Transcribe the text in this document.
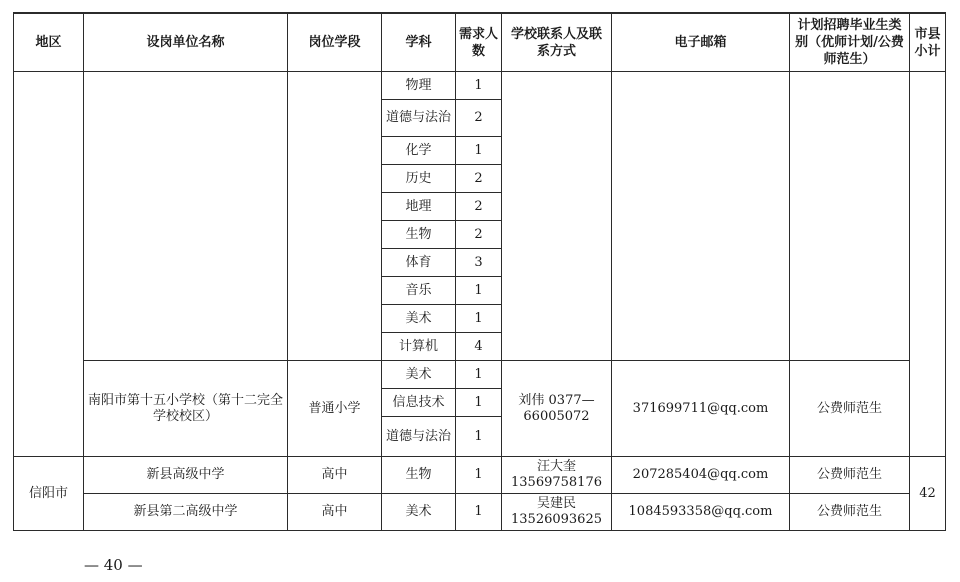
地区	设岗单位名称	岗位学段	学科	需求人数	学校联系人及联系方式	电子邮箱	计划招聘毕业生类别（优师计划/公费师范生）	市县小计
			物理	1				
			道德与法治	2				
			化学	1				
			历史	2				
			地理	2				
			生物	2				
			体育	3				
			音乐	1				
			美术	1				
			计算机	4				
	南阳市第十五小学校（第十二完全学校校区）	普通小学	美术	1	刘伟 0377—66005072	371699711@qq.com	公费师范生	
			信息技术	1				
			道德与法治	1				
信阳市	新县高级中学	高中	生物	1	汪大奎 13569758176	207285404@qq.com	公费师范生	42
	新县第二高级中学	高中	美术	1	吴建民 13526093625	1084593358@qq.com	公费师范生	
— 40 —
